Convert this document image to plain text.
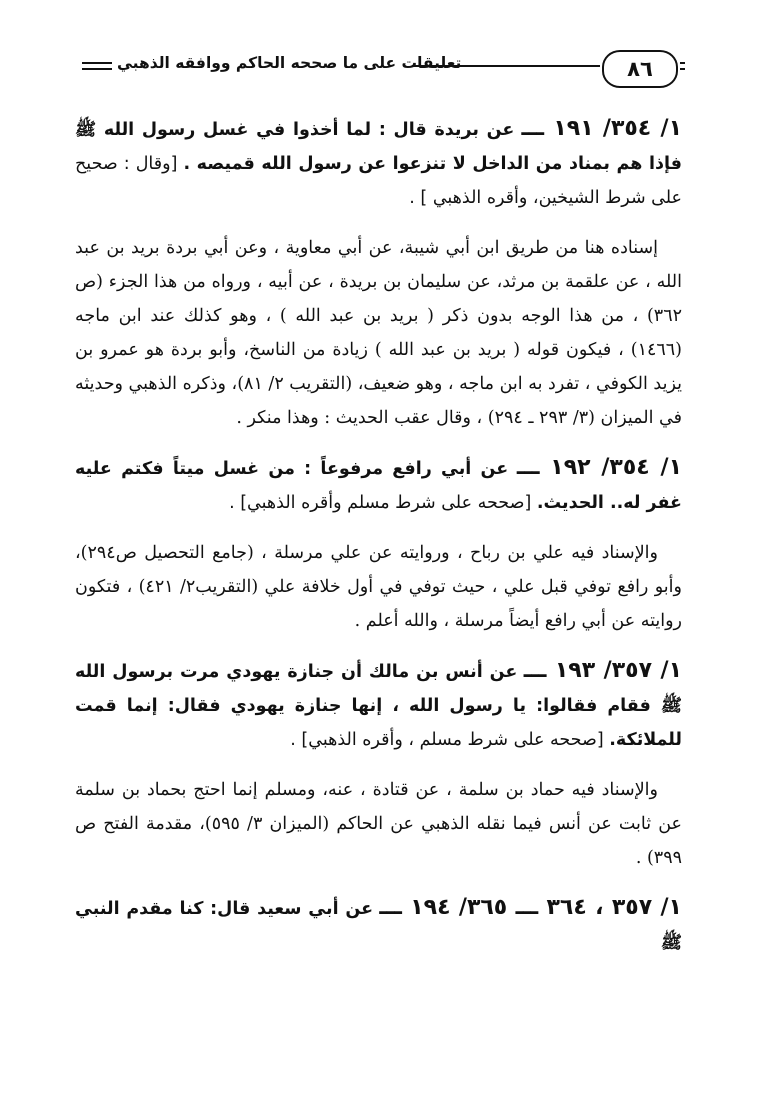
تعليقات على ما صححه الحاكم ووافقه الذهبي	٨٦

١/ ٣٥٤/ ١٩١ ـــ عن بريدة قال : لما أخذوا في غسل رسول الله ﷺ فإذا هم بمناد من الداخل لا تنزعوا عن رسول الله قميصه . [وقال : صحيح على شرط الشيخين، وأقره الذهبي ] .

إسناده هنا من طريق ابن أبي شيبة، عن أبي معاوية ، وعن أبي بردة بريد بن عبد الله ، عن علقمة بن مرثد، عن سليمان بن بريدة ، عن أبيه ، ورواه من هذا الجزء (ص ٣٦٢) ، من هذا الوجه بدون ذكر ( بريد بن عبد الله ) ، وهو كذلك عند ابن ماجه (١٤٦٦) ، فيكون قوله ( بريد بن عبد الله ) زيادة من الناسخ، وأبو بردة هو عمرو بن يزيد الكوفي ، تفرد به ابن ماجه ، وهو ضعيف، (التقريب ٢/ ٨١)، وذكره الذهبي وحديثه في الميزان (٣/ ٢٩٣ ـ ٢٩٤) ، وقال عقب الحديث : وهذا منكر .

١/ ٣٥٤/ ١٩٢ ـــ عن أبي رافع مرفوعاً : من غسل ميتاً فكتم عليه غفر له.. الحديث. [صححه على شرط مسلم وأقره الذهبي] .

والإسناد فيه علي بن رباح ، وروايته عن علي مرسلة ، (جامع التحصيل ص٢٩٤)، وأبو رافع توفي قبل علي ، حيث توفي في أول خلافة علي (التقريب٢/ ٤٢١) ، فتكون روايته عن أبي رافع أيضاً مرسلة ، والله أعلم .

١/ ٣٥٧/ ١٩٣ ـــ عن أنس بن مالك أن جنازة يهودي مرت برسول الله ﷺ فقام فقالوا: يا رسول الله ، إنها جنازة يهودي فقال: إنما قمت للملائكة. [صححه على شرط مسلم ، وأقره الذهبي] .

والإسناد فيه حماد بن سلمة ، عن قتادة ، عنه، ومسلم إنما احتج بحماد بن سلمة عن ثابت عن أنس فيما نقله الذهبي عن الحاكم (الميزان ٣/ ٥٩٥)، مقدمة الفتح ص ٣٩٩) .

١/ ٣٥٧ ، ٣٦٤ ـــ ٣٦٥/ ١٩٤ ـــ عن أبي سعيد قال: كنا مقدم النبي ﷺ
